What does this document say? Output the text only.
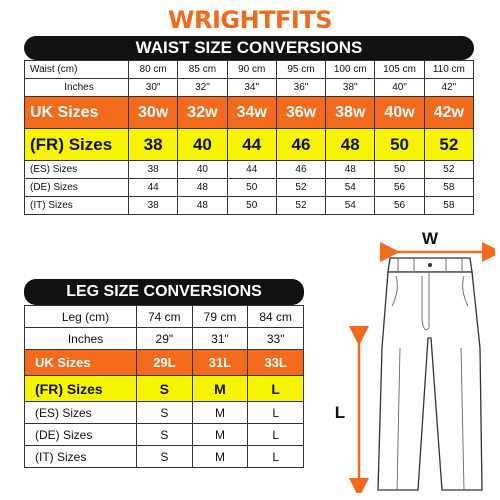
WRIGHTFITS
WAIST SIZE CONVERSIONS
Waist (cm)	80 cm	85 cm	90 cm	95 cm	100 cm	105 cm	110 cm
Inches	30"	32"	34"	36"	38"	40"	42"
UK Sizes	30w	32w	34w	36w	38w	40w	42w
(FR) Sizes	38	40	44	46	48	50	52
(ES) Sizes	38	40	44	46	48	50	52
(DE) Sizes	44	48	50	52	54	56	58
(IT) Sizes	38	48	50	52	54	56	58
LEG SIZE CONVERSIONS
Leg (cm)	74 cm	79 cm	84 cm
Inches	29"	31"	33"
UK Sizes	29L	31L	33L
(FR) Sizes	S	M	L
(ES) Sizes	S	M	L
(DE) Sizes	S	M	L
(IT) Sizes	S	M	L
W
L
